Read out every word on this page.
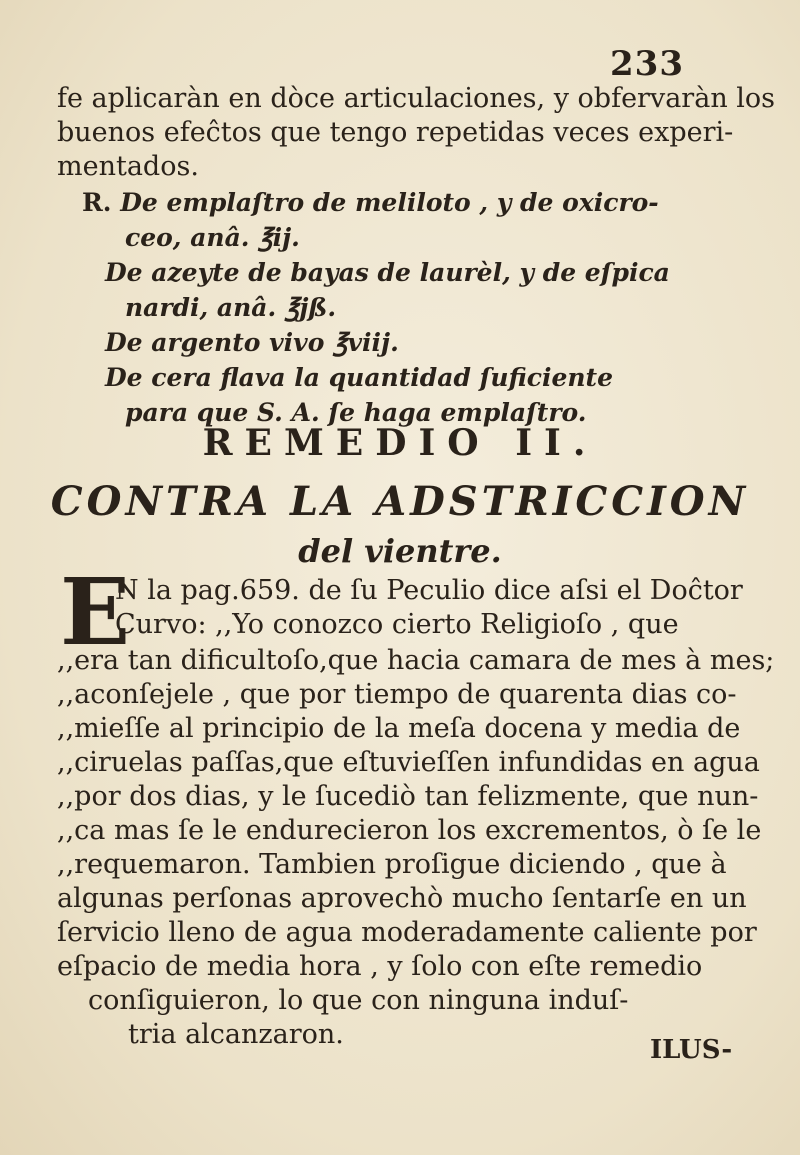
233
fe aplicaràn en dòce articulaciones, y obfervaràn los
buenos efeĉtos que tengo repetidas veces experi-
mentados.
R. De emplaſtro de meliloto , y de oxicro-
ceo, anâ. ℥ij.
De azeyte de bayas de laurèl, y de eſpica
nardi, anâ. ℥jß.
De argento vivo ℥viij.
De cera flava la quantidad ſuficiente
para que S. A. ſe haga emplaſtro.
REMEDIO II.
CONTRA LA ADSTRICCION
del vientre.
E
N la pag.659. de ſu Peculio dice aſsi el Doĉtor
Curvo: ,,Yo conozco cierto Religioſo , que
,,era tan dificultoſo,que hacia camara de mes à mes;
,,aconſejele , que por tiempo de quarenta dias co-
,,mieſſe al principio de la meſa docena y media de
,,ciruelas paſſas,que eſtuvieſſen infundidas en agua
,,por dos dias, y le ſucediò tan felizmente, que nun-
,,ca mas ſe le endurecieron los excrementos, ò ſe le
,,requemaron. Tambien proſigue diciendo , que à
algunas perſonas aprovechò mucho ſentarſe en un
ſervicio lleno de agua moderadamente caliente por
eſpacio de media hora , y ſolo con eſte remedio
conſiguieron, lo que con ninguna induſ-
tria alcanzaron.	ILUS-
